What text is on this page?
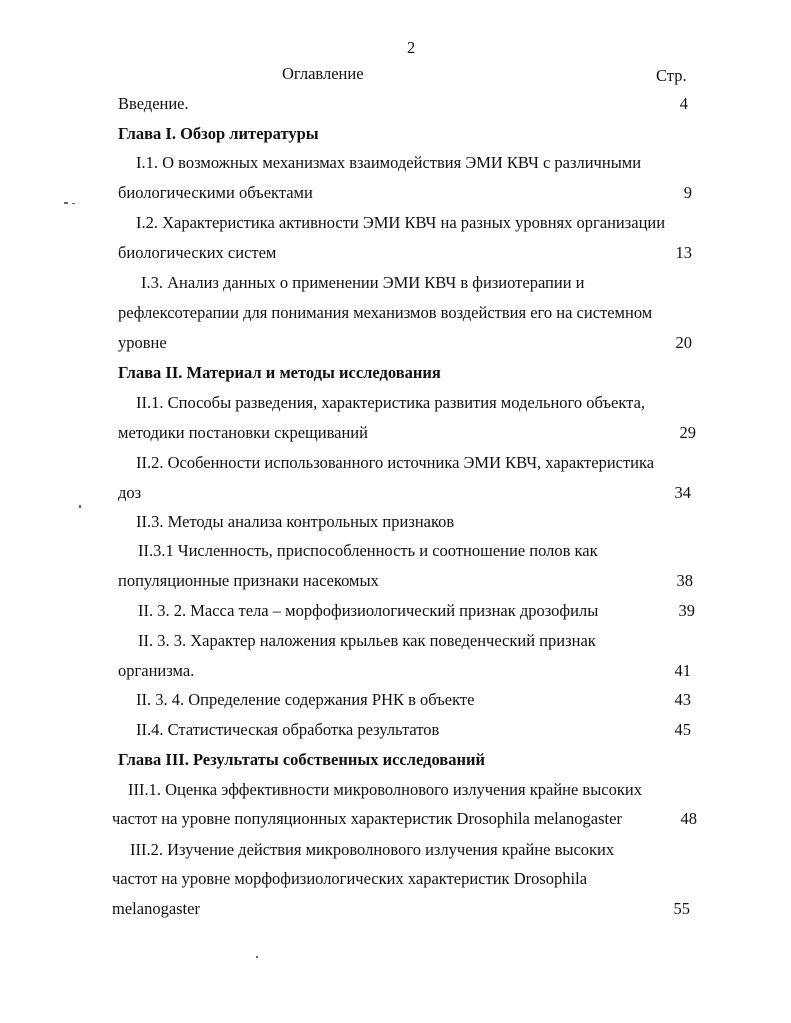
2
Оглавление	Стр.
Введение.	4
Глава I. Обзор литературы
I.1. О возможных механизмах взаимодействия ЭМИ КВЧ с различными
биологическими объектами	9
I.2. Характеристика активности ЭМИ КВЧ на разных уровнях организации
биологических систем	13
I.3. Анализ данных о применении ЭМИ КВЧ в физиотерапии и
рефлексотерапии для понимания механизмов воздействия его на системном
уровне	20
Глава II. Материал и методы исследования
II.1. Способы разведения, характеристика развития модельного объекта,
методики постановки скрещиваний	29
II.2. Особенности использованного источника ЭМИ КВЧ, характеристика
доз	34
II.3. Методы анализа контрольных признаков
II.3.1 Численность, приспособленность и соотношение полов как
популяционные признаки насекомых	38
II. 3. 2. Масса тела – морфофизиологический признак дрозофилы	39
II. 3. 3. Характер наложения крыльев как поведенческий признак
организма.	41
II. 3. 4. Определение содержания РНК в объекте	43
II.4. Статистическая обработка результатов	45
Глава III. Результаты собственных исследований
III.1. Оценка эффективности микроволнового излучения крайне высоких
частот на уровне популяционных характеристик Drosophila melanogaster	48
III.2. Изучение действия микроволнового излучения крайне высоких
частот на уровне морфофизиологических характеристик Drosophila
melanogaster	55
